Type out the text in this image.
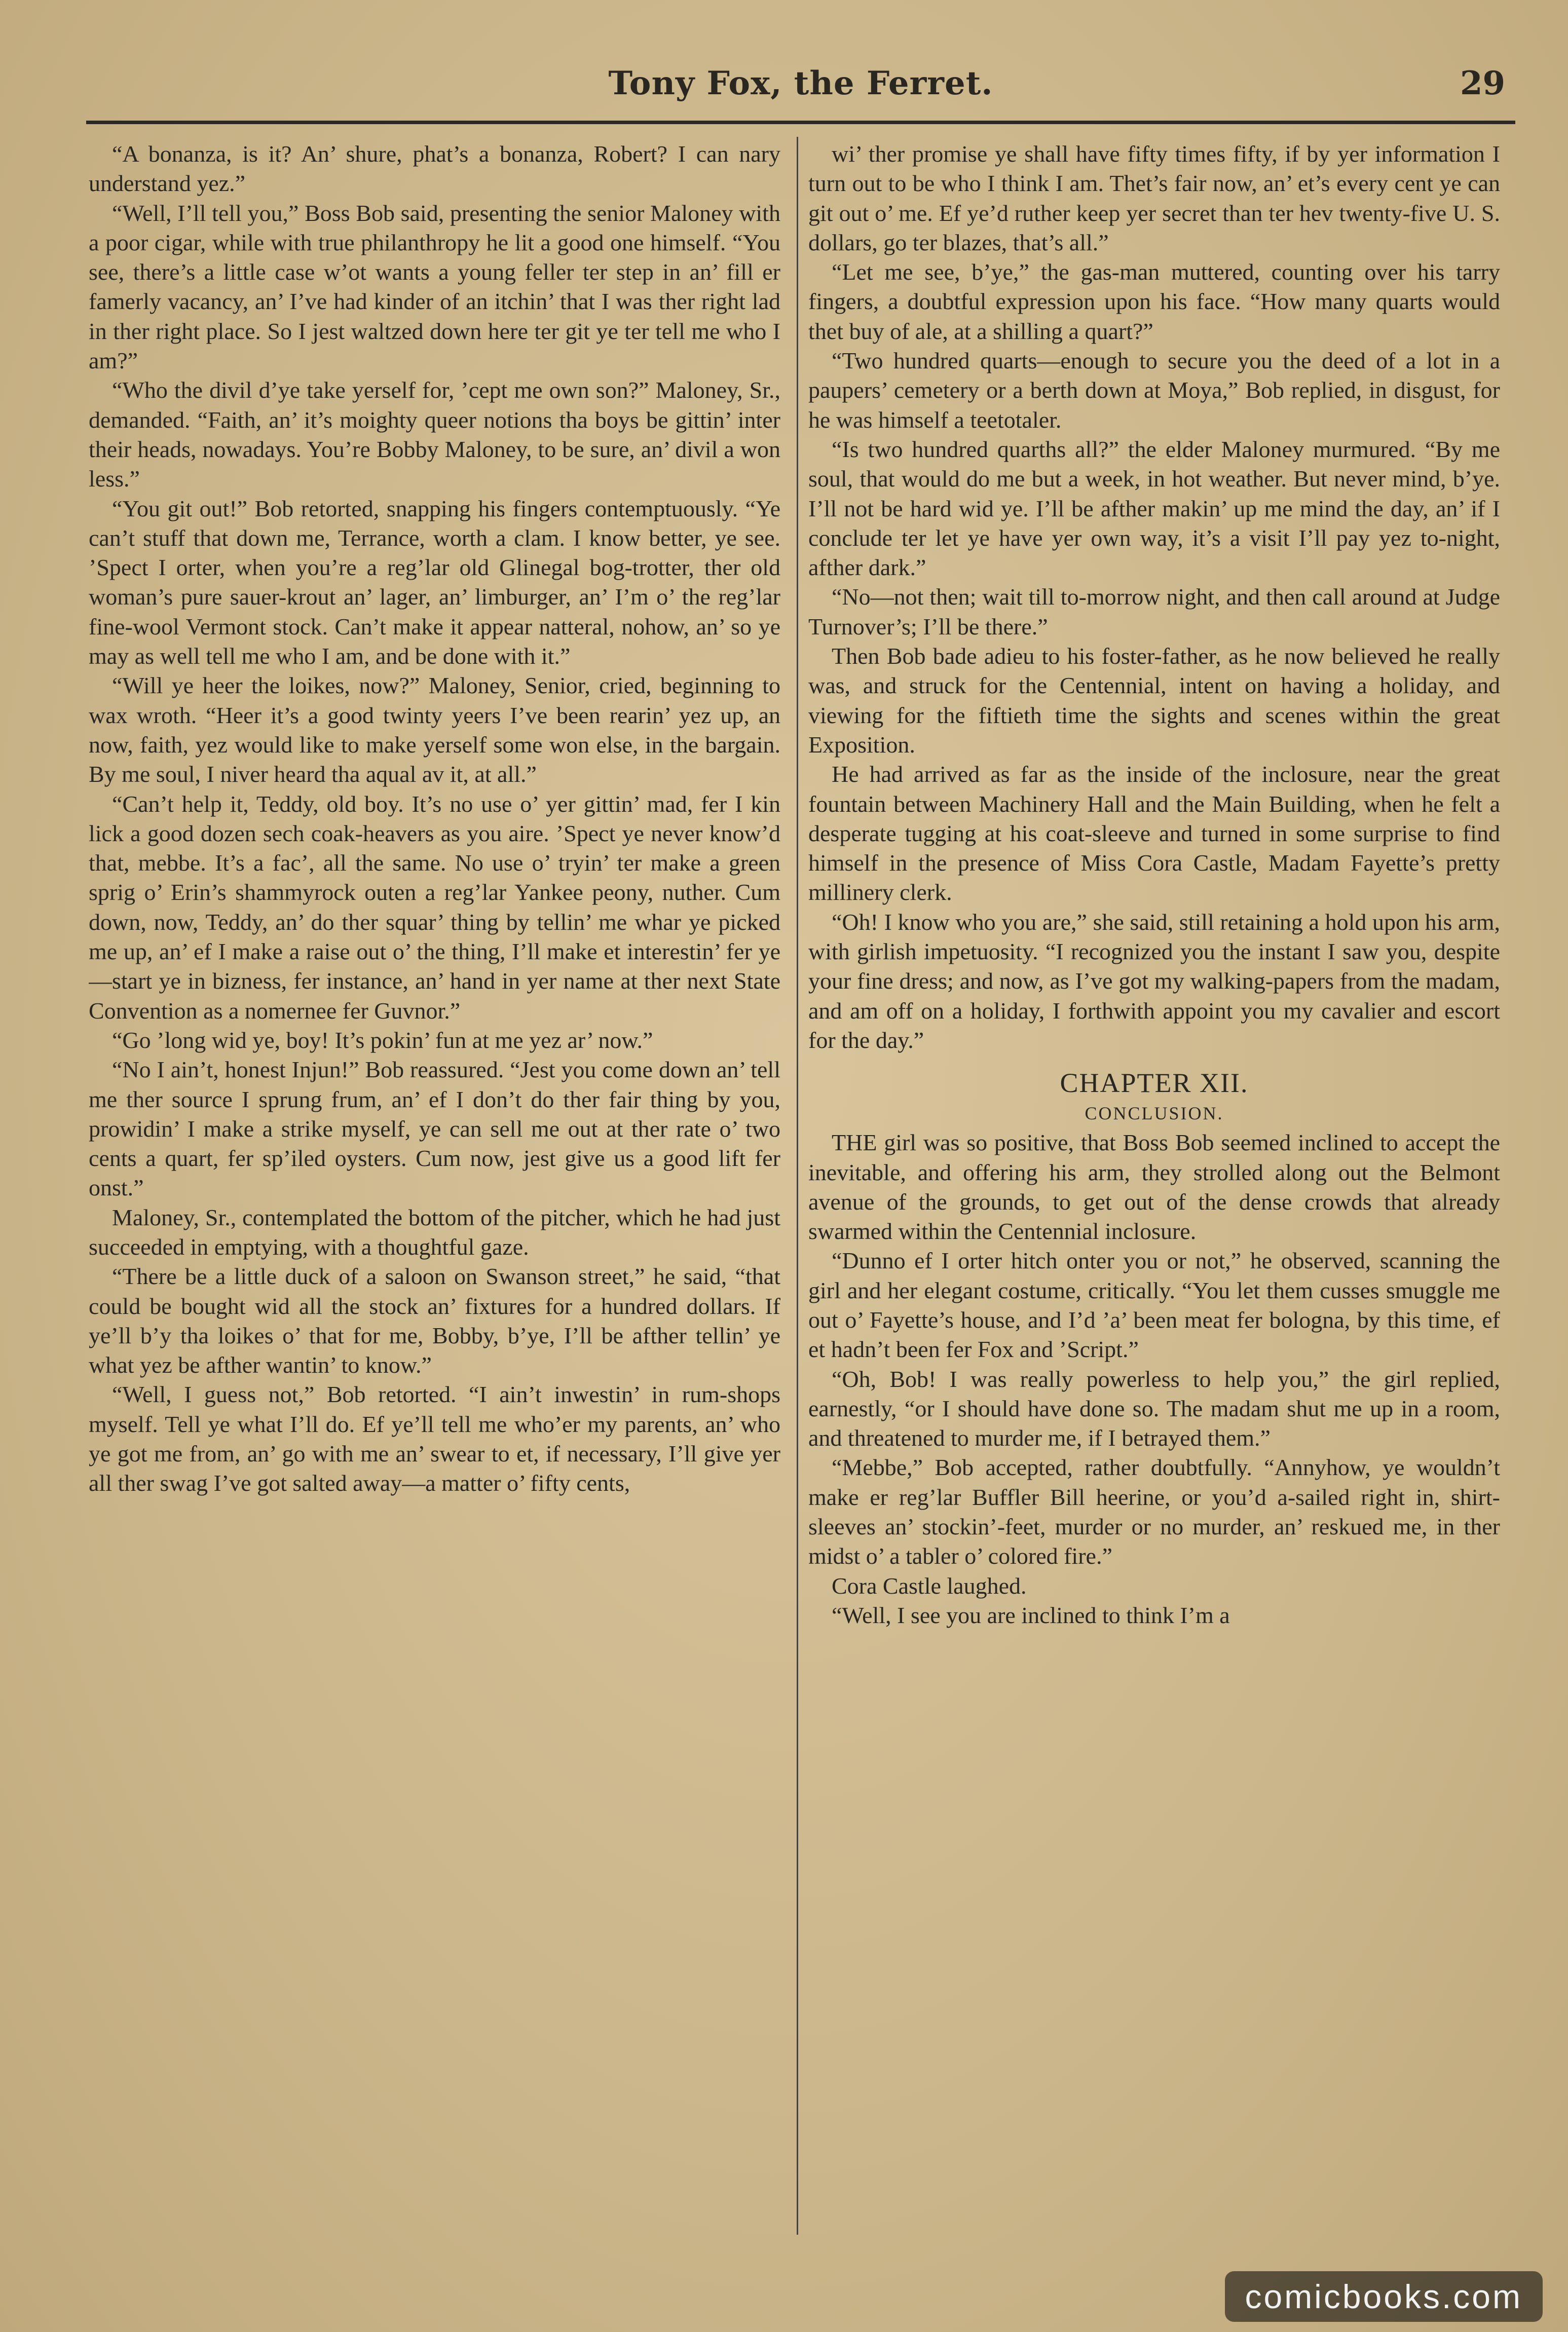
Tony Fox, the Ferret.	29

“A bonanza, is it? An’ shure, phat’s a bonanza, Robert? I can nary understand yez.”

“Well, I’ll tell you,” Boss Bob said, presenting the senior Maloney with a poor cigar, while with true philanthropy he lit a good one himself. “You see, there’s a little case w’ot wants a young feller ter step in an’ fill er famerly vacancy, an’ I’ve had kinder of an itchin’ that I was ther right lad in ther right place. So I jest waltzed down here ter git ye ter tell me who I am?”

“Who the divil d’ye take yerself for, ’cept me own son?” Maloney, Sr., demanded. “Faith, an’ it’s moighty queer notions tha boys be gittin’ inter their heads, nowadays. You’re Bobby Maloney, to be sure, an’ divil a won less.”

“You git out!” Bob retorted, snapping his fingers contemptuously. “Ye can’t stuff that down me, Terrance, worth a clam. I know better, ye see. ’Spect I orter, when you’re a reg’lar old Glinegal bog-trotter, ther old woman’s pure sauer-krout an’ lager, an’ limburger, an’ I’m o’ the reg’lar fine-wool Vermont stock. Can’t make it appear natteral, nohow, an’ so ye may as well tell me who I am, and be done with it.”

“Will ye heer the loikes, now?” Maloney, Senior, cried, beginning to wax wroth. “Heer it’s a good twinty yeers I’ve been rearin’ yez up, an now, faith, yez would like to make yerself some won else, in the bargain. By me soul, I niver heard tha aqual av it, at all.”

“Can’t help it, Teddy, old boy. It’s no use o’ yer gittin’ mad, fer I kin lick a good dozen sech coak-heavers as you aire. ’Spect ye never know’d that, mebbe. It’s a fac’, all the same. No use o’ tryin’ ter make a green sprig o’ Erin’s shammyrock outen a reg’lar Yankee peony, nuther. Cum down, now, Teddy, an’ do ther squar’ thing by tellin’ me whar ye picked me up, an’ ef I make a raise out o’ the thing, I’ll make et interestin’ fer ye—start ye in bizness, fer instance, an’ hand in yer name at ther next State Convention as a nomernee fer Guvnor.”

“Go ’long wid ye, boy! It’s pokin’ fun at me yez ar’ now.”

“No I ain’t, honest Injun!” Bob reassured. “Jest you come down an’ tell me ther source I sprung frum, an’ ef I don’t do ther fair thing by you, prowidin’ I make a strike myself, ye can sell me out at ther rate o’ two cents a quart, fer sp’iled oysters. Cum now, jest give us a good lift fer onst.”

Maloney, Sr., contemplated the bottom of the pitcher, which he had just succeeded in emptying, with a thoughtful gaze.

“There be a little duck of a saloon on Swanson street,” he said, “that could be bought wid all the stock an’ fixtures for a hundred dollars. If ye’ll b’y tha loikes o’ that for me, Bobby, b’ye, I’ll be afther tellin’ ye what yez be afther wantin’ to know.”

“Well, I guess not,” Bob retorted. “I ain’t inwestin’ in rum-shops myself. Tell ye what I’ll do. Ef ye’ll tell me who’er my parents, an’ who ye got me from, an’ go with me an’ swear to et, if necessary, I’ll give yer all ther swag I’ve got salted away—a matter o’ fifty cents,

wi’ ther promise ye shall have fifty times fifty, if by yer information I turn out to be who I think I am. Thet’s fair now, an’ et’s every cent ye can git out o’ me. Ef ye’d ruther keep yer secret than ter hev twenty-five U. S. dollars, go ter blazes, that’s all.”

“Let me see, b’ye,” the gas-man muttered, counting over his tarry fingers, a doubtful expression upon his face. “How many quarts would thet buy of ale, at a shilling a quart?”

“Two hundred quarts—enough to secure you the deed of a lot in a paupers’ cemetery or a berth down at Moya,” Bob replied, in disgust, for he was himself a teetotaler.

“Is two hundred quarths all?” the elder Maloney murmured. “By me soul, that would do me but a week, in hot weather. But never mind, b’ye. I’ll not be hard wid ye. I’ll be afther makin’ up me mind the day, an’ if I conclude ter let ye have yer own way, it’s a visit I’ll pay yez to-night, afther dark.”

“No—not then; wait till to-morrow night, and then call around at Judge Turnover’s; I’ll be there.”

Then Bob bade adieu to his foster-father, as he now believed he really was, and struck for the Centennial, intent on having a holiday, and viewing for the fiftieth time the sights and scenes within the great Exposition.

He had arrived as far as the inside of the inclosure, near the great fountain between Machinery Hall and the Main Building, when he felt a desperate tugging at his coat-sleeve and turned in some surprise to find himself in the presence of Miss Cora Castle, Madam Fayette’s pretty millinery clerk.

“Oh! I know who you are,” she said, still retaining a hold upon his arm, with girlish impetuosity. “I recognized you the instant I saw you, despite your fine dress; and now, as I’ve got my walking-papers from the madam, and am off on a holiday, I forthwith appoint you my cavalier and escort for the day.”

CHAPTER XII.
CONCLUSION.

THE girl was so positive, that Boss Bob seemed inclined to accept the inevitable, and offering his arm, they strolled along out the Belmont avenue of the grounds, to get out of the dense crowds that already swarmed within the Centennial inclosure.

“Dunno ef I orter hitch onter you or not,” he observed, scanning the girl and her elegant costume, critically. “You let them cusses smuggle me out o’ Fayette’s house, and I’d ’a’ been meat fer bologna, by this time, ef et hadn’t been fer Fox and ’Script.”

“Oh, Bob! I was really powerless to help you,” the girl replied, earnestly, “or I should have done so. The madam shut me up in a room, and threatened to murder me, if I betrayed them.”

“Mebbe,” Bob accepted, rather doubtfully. “Annyhow, ye wouldn’t make er reg’lar Buffler Bill heerine, or you’d a-sailed right in, shirt-sleeves an’ stockin’-feet, murder or no murder, an’ reskued me, in ther midst o’ a tabler o’ colored fire.”

Cora Castle laughed.

“Well, I see you are inclined to think I’m a

comicbooks.com
